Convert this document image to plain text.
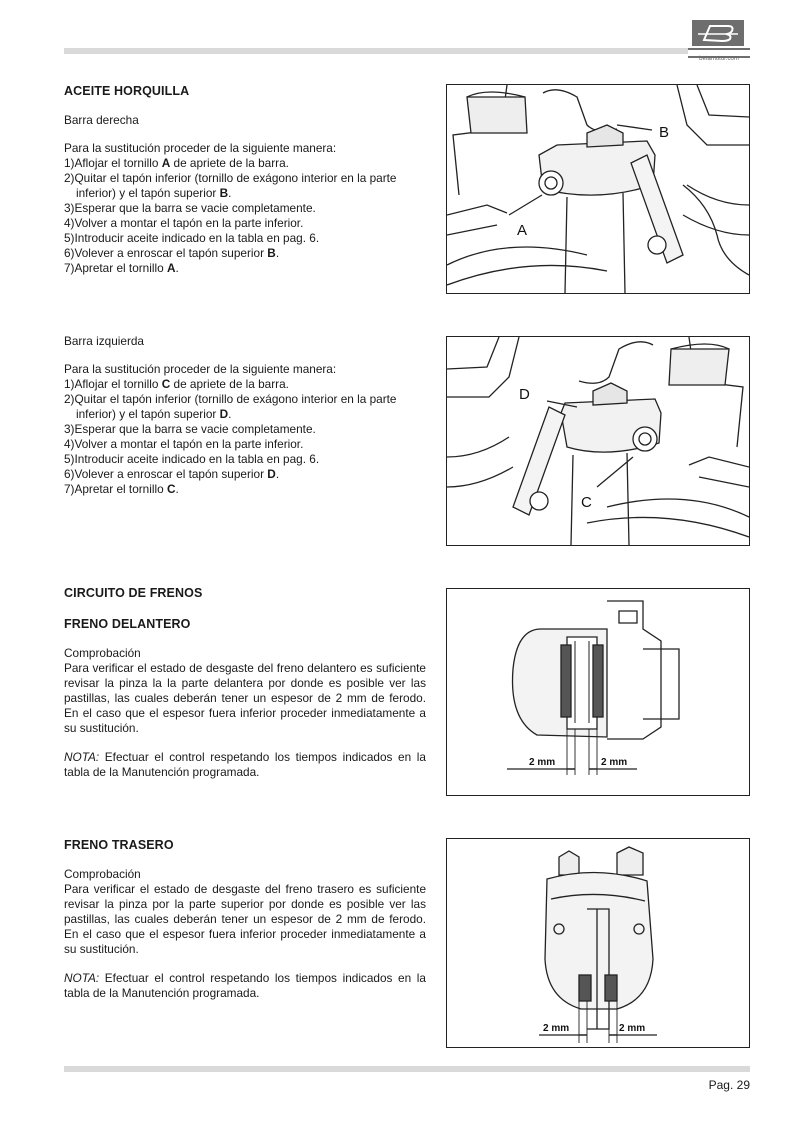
betamotor.com
ACEITE HORQUILLA
Barra derecha
Para la sustitución proceder de la siguiente manera:
1)Aflojar el tornillo A de apriete de la barra.
2)Quitar el tapón inferior (tornillo de exágono interior en la parte inferior) y el tapón superior B.
3)Esperar que la barra se vacie completamente.
4)Volver a montar el tapón en la parte inferior.
5)Introducir aceite indicado en la tabla en pag. 6.
6)Volever a enroscar el tapón superior B.
7)Apretar el tornillo A.
A
B
Barra izquierda
Para la sustitución proceder de la siguiente manera:
1)Aflojar el tornillo C de apriete de la barra.
2)Quitar el tapón inferior (tornillo de exágono interior en la parte inferior) y el tapón superior D.
3)Esperar que la barra se vacie completamente.
4)Volver a montar el tapón en la parte inferior.
5)Introducir aceite indicado en la tabla en pag. 6.
6)Volever a enroscar el tapón superior D.
7)Apretar el tornillo C.
C
D
CIRCUITO DE FRENOS
FRENO DELANTERO
Comprobación

Para verificar el estado de desgaste del freno delantero es suficiente revisar la pinza la la parte delantera por donde es posible ver las pastillas, las cuales deberán tener un espesor de 2 mm de ferodo. En el caso que el espesor fuera inferior proceder inmediatamente a su sustitución.

NOTA: Efectuar el control respetando los tiempos indicados en la tabla de la Manutención programada.

2 mm	2 mm
FRENO TRASERO
Comprobación

Para verificar el estado de desgaste del freno trasero es suficiente revisar la pinza por la parte superior por donde es posible ver las pastillas, las cuales deberán tener un espesor de 2 mm de ferodo. En el caso que el espesor fuera inferior proceder inmediatamente a su sustitución.

NOTA: Efectuar el control respetando los tiempos indicados en la tabla de la Manutención programada.

2 mm	2 mm
Pag. 29
